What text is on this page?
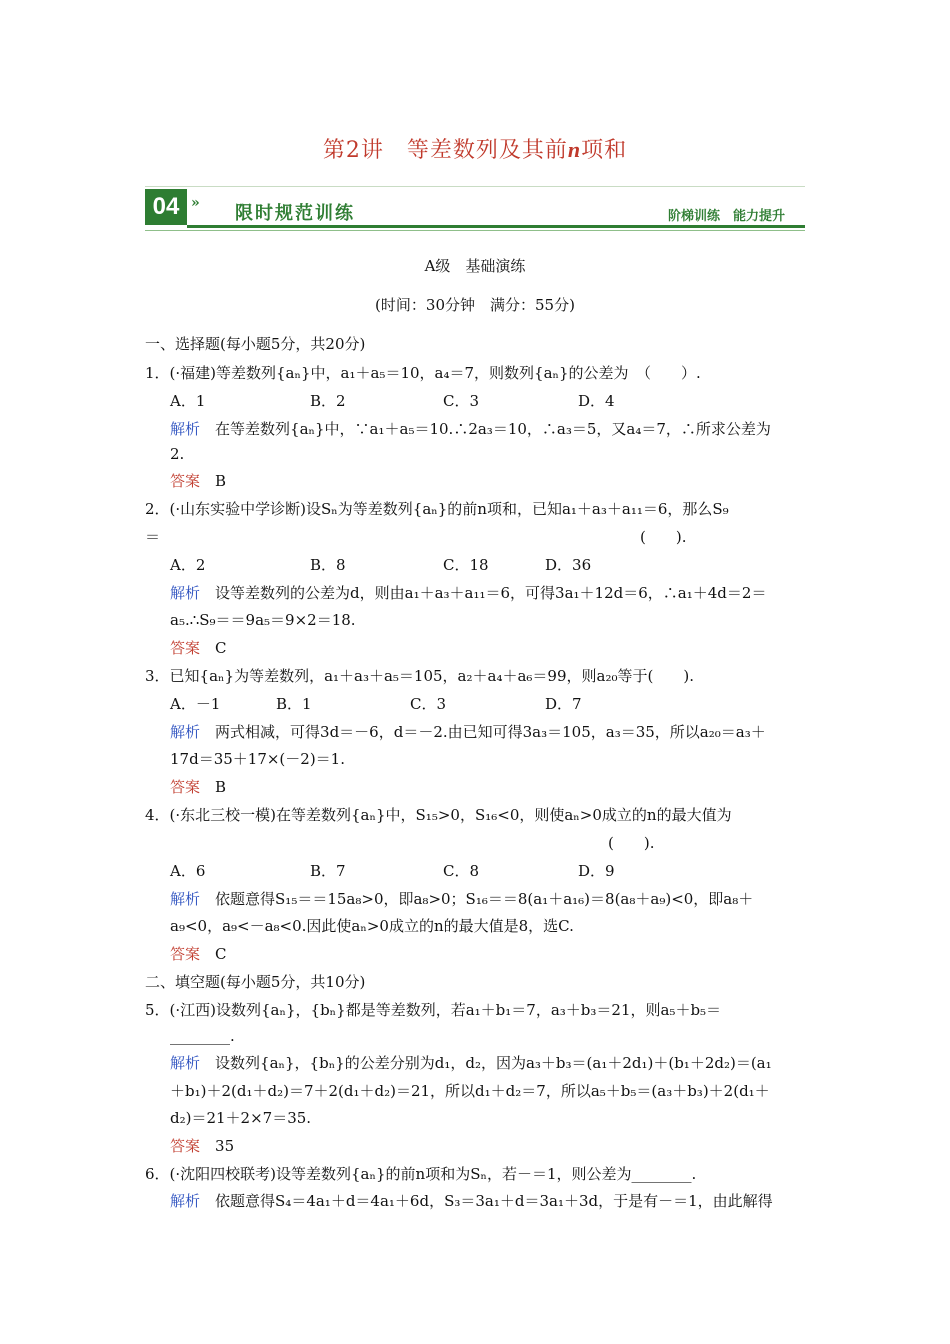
第2讲　等差数列及其前n项和
04 » 限时规范训练	阶梯训练　能力提升
A级　基础演练
(时间：30分钟　满分：55分)
一、选择题(每小题5分，共20分)
1．(·福建)等差数列{aₙ}中，a₁＋a₅＝10，a₄＝7，则数列{aₙ}的公差为　（　　）.
A．1	B．2	C．3	D．4
解析　 在等差数列{aₙ}中，∵a₁＋a₅＝10.∴2a₃＝10，∴a₃＝5，又a₄＝7，∴所求公差为
2.
答案　 B
2．(·山东实验中学诊断)设Sₙ为等差数列{aₙ}的前n项和，已知a₁＋a₃＋a₁₁＝6，那么S₉
＝	(　　).
A．2	B．8	C．18	D．36
解析　 设等差数列的公差为d，则由a₁＋a₃＋a₁₁＝6，可得3a₁＋12d＝6，∴a₁＋4d＝2＝
a₅.∴S₉＝＝9a₅＝9×2＝18.
答案　 C
3．已知{aₙ}为等差数列，a₁＋a₃＋a₅＝105，a₂＋a₄＋a₆＝99，则a₂₀等于(　　).
A．－1	B．1	C．3	D．7
解析　 两式相减，可得3d＝－6，d＝－2.由已知可得3a₃＝105，a₃＝35，所以a₂₀＝a₃＋
17d＝35＋17×(－2)＝1.
答案　 B
4．(·东北三校一模)在等差数列{aₙ}中，S₁₅>0，S₁₆<0，则使aₙ>0成立的n的最大值为
(　　).
A．6	B．7	C．8	D．9
解析　 依题意得S₁₅＝＝15a₈>0，即a₈>0；S₁₆＝＝8(a₁＋a₁₆)＝8(a₈＋a₉)<0，即a₈＋
a₉<0，a₉<－a₈<0.因此使aₙ>0成立的n的最大值是8，选C.
答案　 C
二、填空题(每小题5分，共10分)
5．(·江西)设数列{aₙ}，{bₙ}都是等差数列，若a₁＋b₁＝7，a₃＋b₃＝21，则a₅＋b₅＝
________.
解析　 设数列{aₙ}，{bₙ}的公差分别为d₁，d₂，因为a₃＋b₃＝(a₁＋2d₁)＋(b₁＋2d₂)＝(a₁
＋b₁)＋2(d₁＋d₂)＝7＋2(d₁＋d₂)＝21，所以d₁＋d₂＝7，所以a₅＋b₅＝(a₃＋b₃)＋2(d₁＋
d₂)＝21＋2×7＝35.
答案　 35
6．(·沈阳四校联考)设等差数列{aₙ}的前n项和为Sₙ，若－＝1，则公差为________.
解析　 依题意得S₄＝4a₁＋d＝4a₁＋6d，S₃＝3a₁＋d＝3a₁＋3d，于是有－＝1，由此解得
